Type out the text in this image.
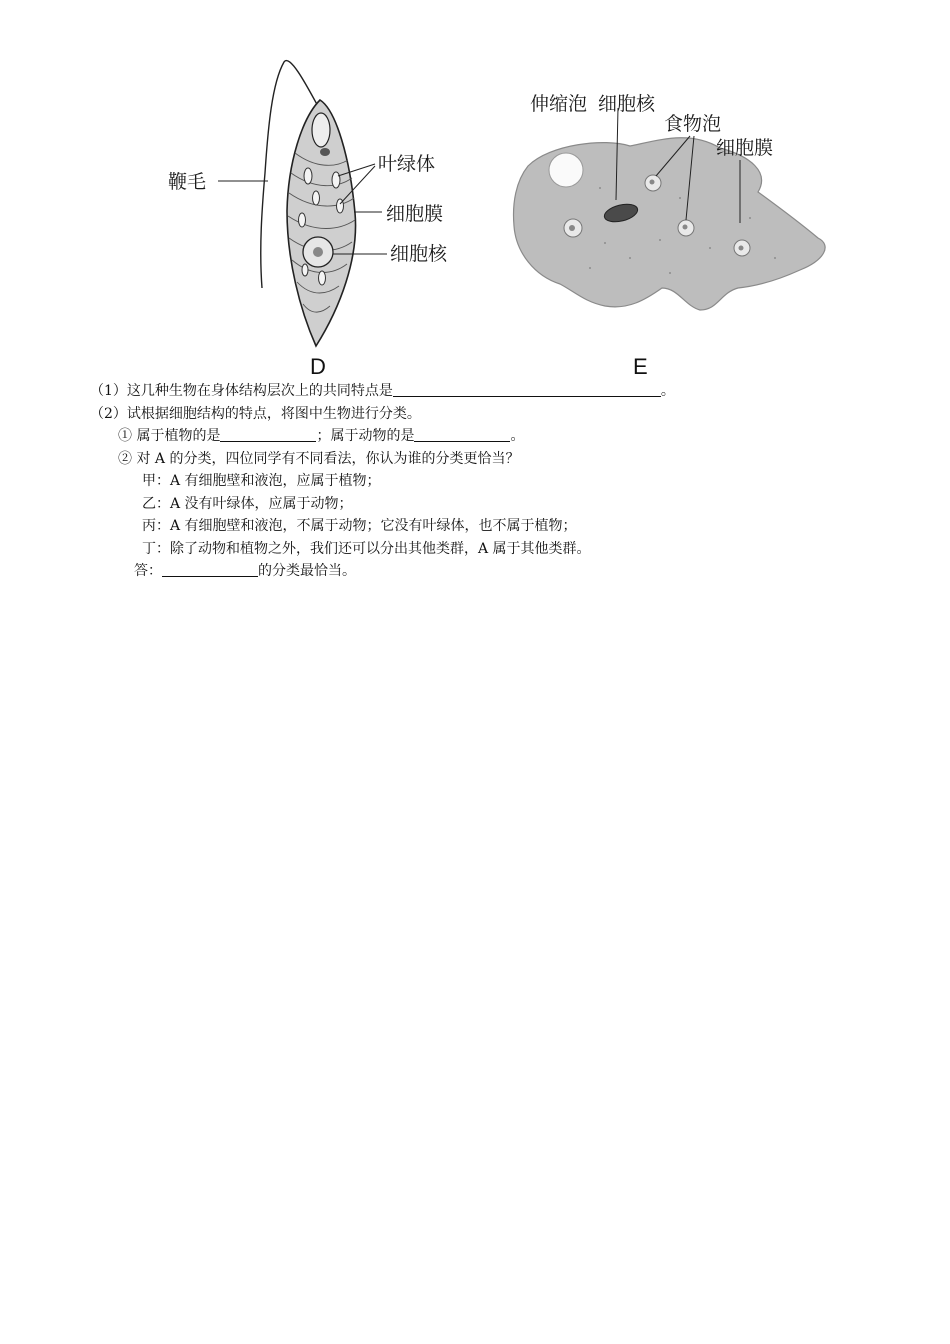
鞭毛
叶绿体
细胞膜
细胞核
D
伸缩泡 细胞核
食物泡
细胞膜
E
（1）这几种生物在身体结构层次上的共同特点是	。
（2）试根据细胞结构的特点，将图中生物进行分类。
① 属于植物的是	；属于动物的是	。
② 对 A 的分类，四位同学有不同看法，你认为谁的分类更恰当？
甲：A 有细胞壁和液泡，应属于植物；
乙：A 没有叶绿体，应属于动物；
丙：A 有细胞壁和液泡，不属于动物；它没有叶绿体，也不属于植物；
丁：除了动物和植物之外，我们还可以分出其他类群，A 属于其他类群。
答：	的分类最恰当。
